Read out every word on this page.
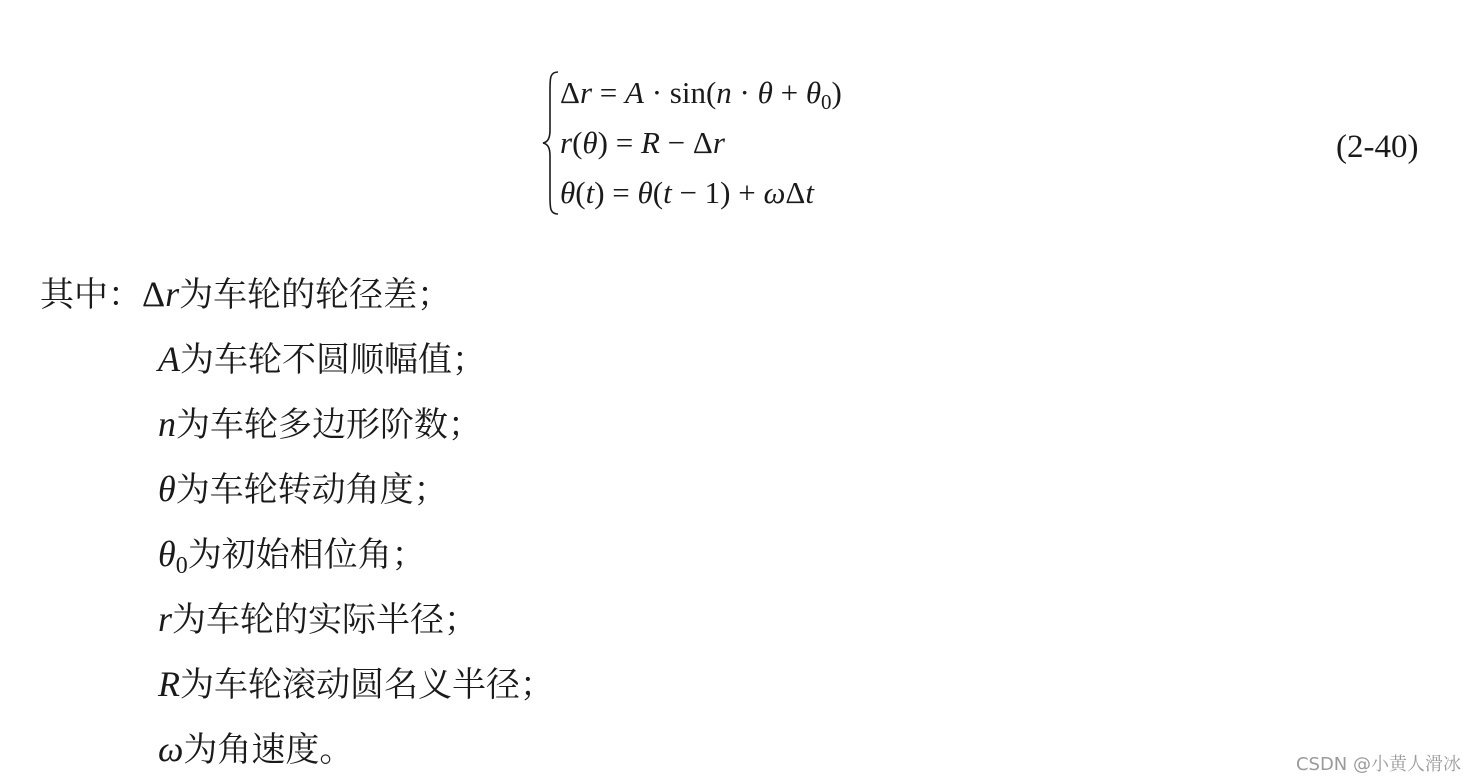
$\Delta r = A \cdot \sin(n \cdot \theta + \theta_0)$
r(θ) = R − Δr
θ(t) = θ(t − 1) + ωΔt
(2-40)
其中： Δr 为车轮的轮径差；
A 为车轮不圆顺幅值；
n 为车轮多边形阶数；
θ 为车轮转动角度；
$\theta_0$ 为初始相位角；
r 为车轮的实际半径；
R 为车轮滚动圆名义半径；
ω 为角速度。	CSDN @小黄人滑冰
